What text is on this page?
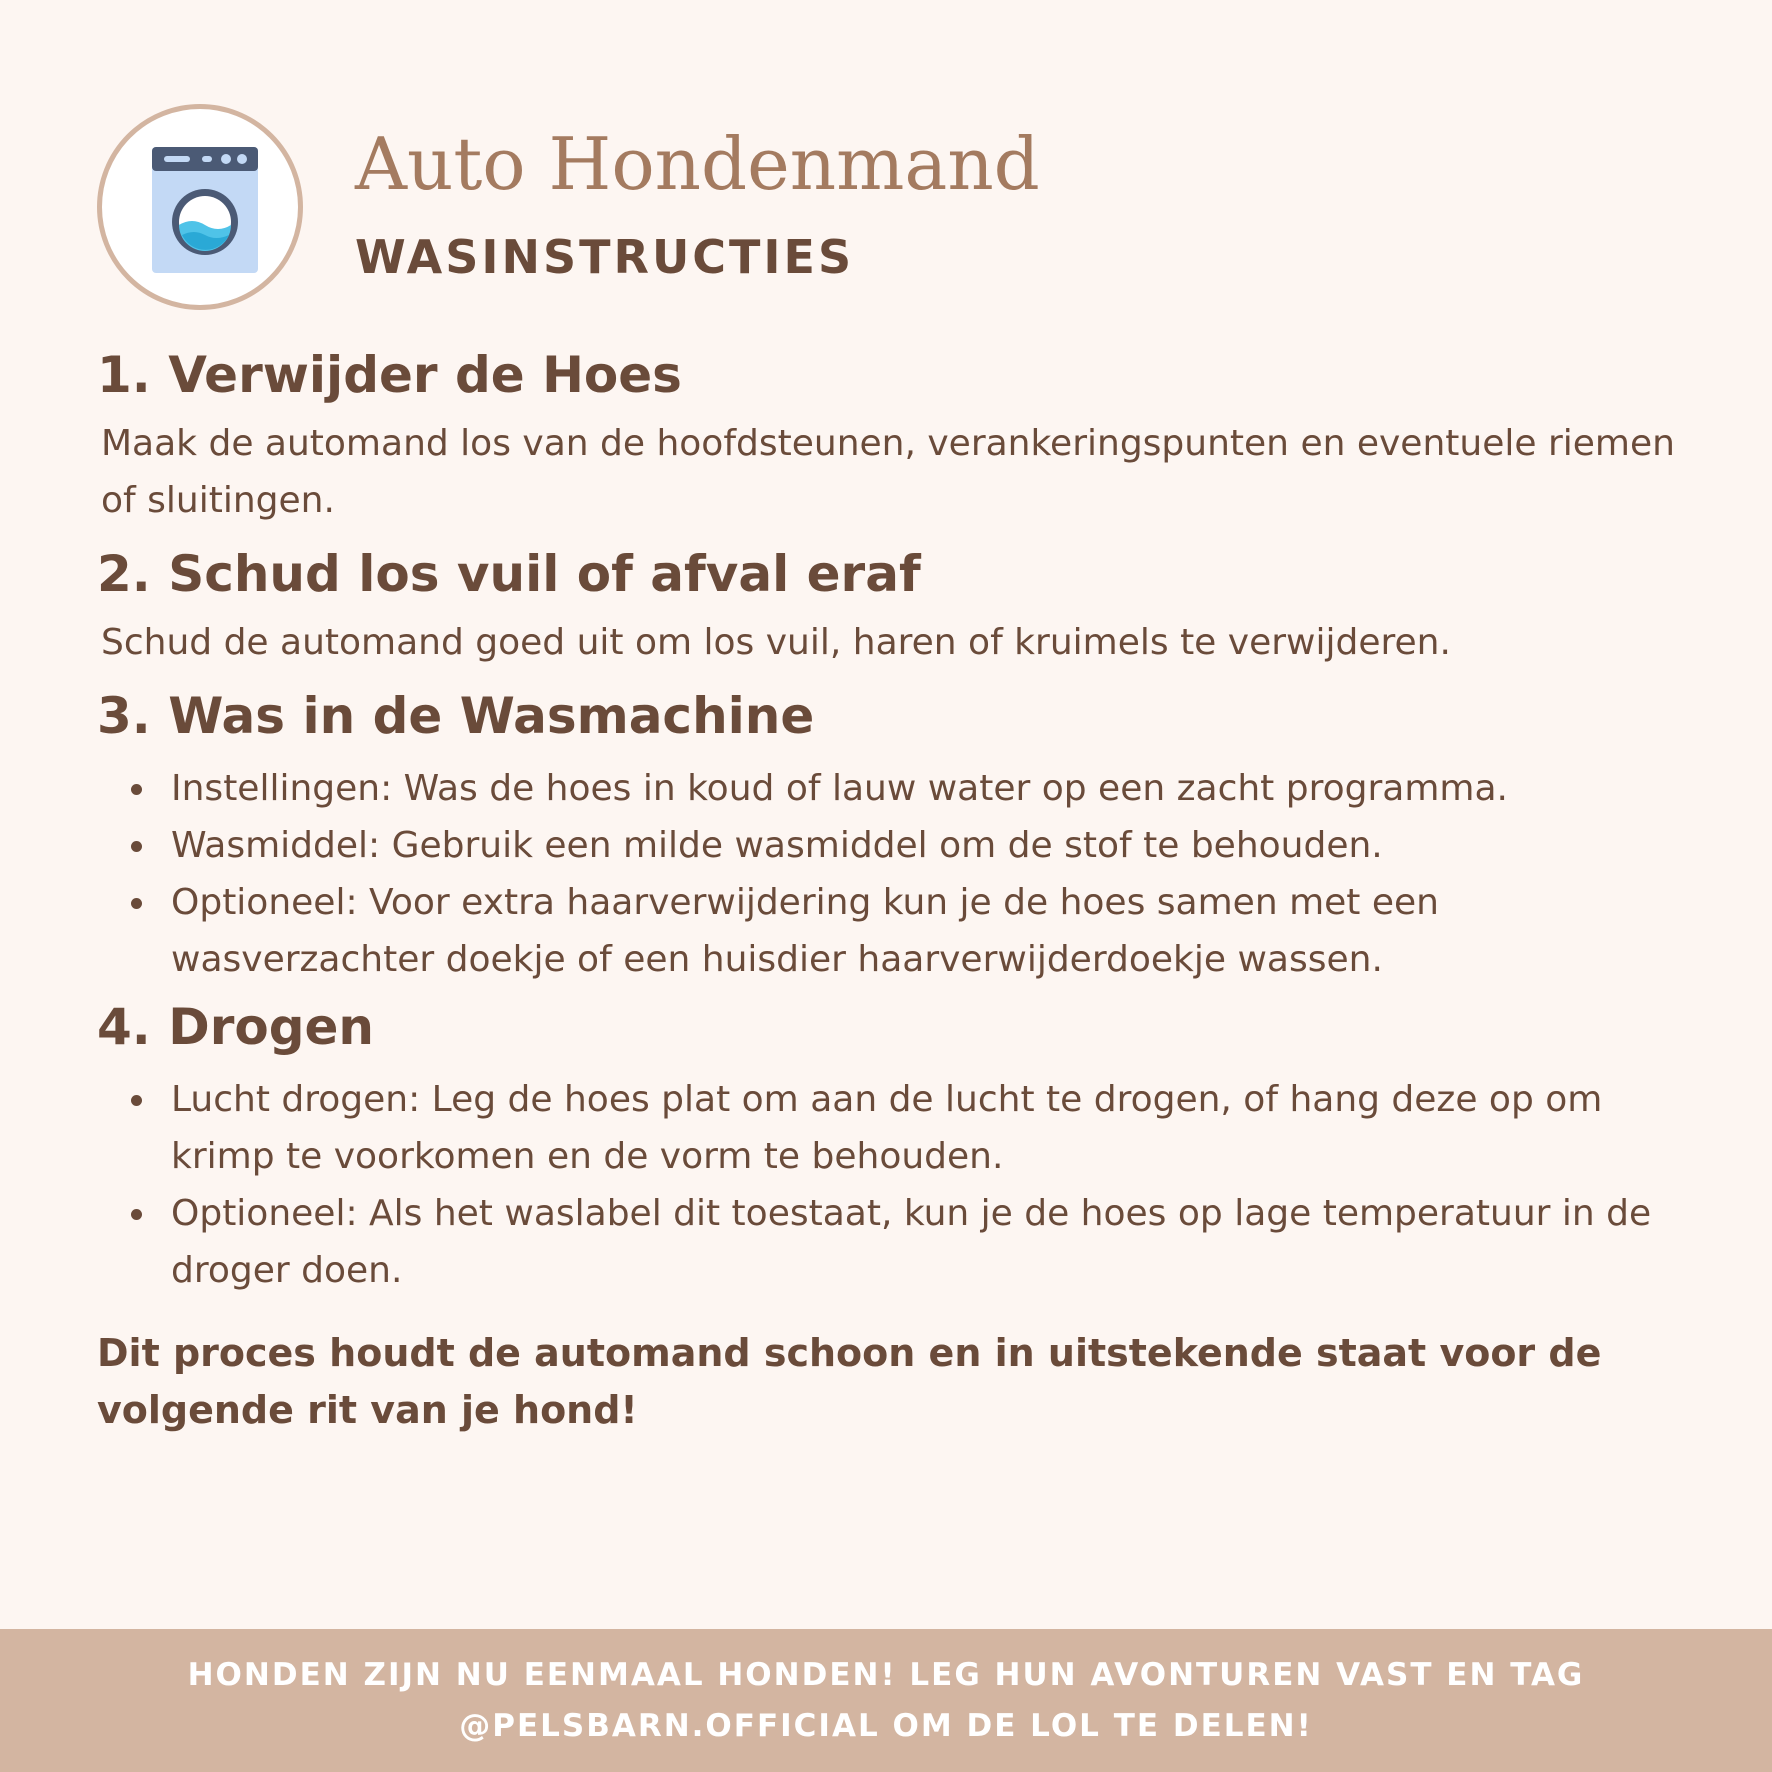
Auto Hondenmand
WASINSTRUCTIES
1. Verwijder de Hoes

Maak de automand los van de hoofdsteunen, verankeringspunten en eventuele riemen of sluitingen.

2. Schud los vuil of afval eraf

Schud de automand goed uit om los vuil, haren of kruimels te verwijderen.

3. Was in de Wasmachine
Instellingen: Was de hoes in koud of lauw water op een zacht programma.
Wasmiddel: Gebruik een milde wasmiddel om de stof te behouden.
Optioneel: Voor extra haarverwijdering kun je de hoes samen met een wasverzachter doekje of een huisdier haarverwijderdoekje wassen.
4. Drogen
Lucht drogen: Leg de hoes plat om aan de lucht te drogen, of hang deze op om krimp te voorkomen en de vorm te behouden.
Optioneel: Als het waslabel dit toestaat, kun je de hoes op lage temperatuur in de droger doen.

Dit proces houdt de automand schoon en in uitstekende staat voor de volgende rit van je hond!

HONDEN ZIJN NU EENMAAL HONDEN! LEG HUN AVONTUREN VAST EN TAG
@PELSBARN.OFFICIAL OM DE LOL TE DELEN!
